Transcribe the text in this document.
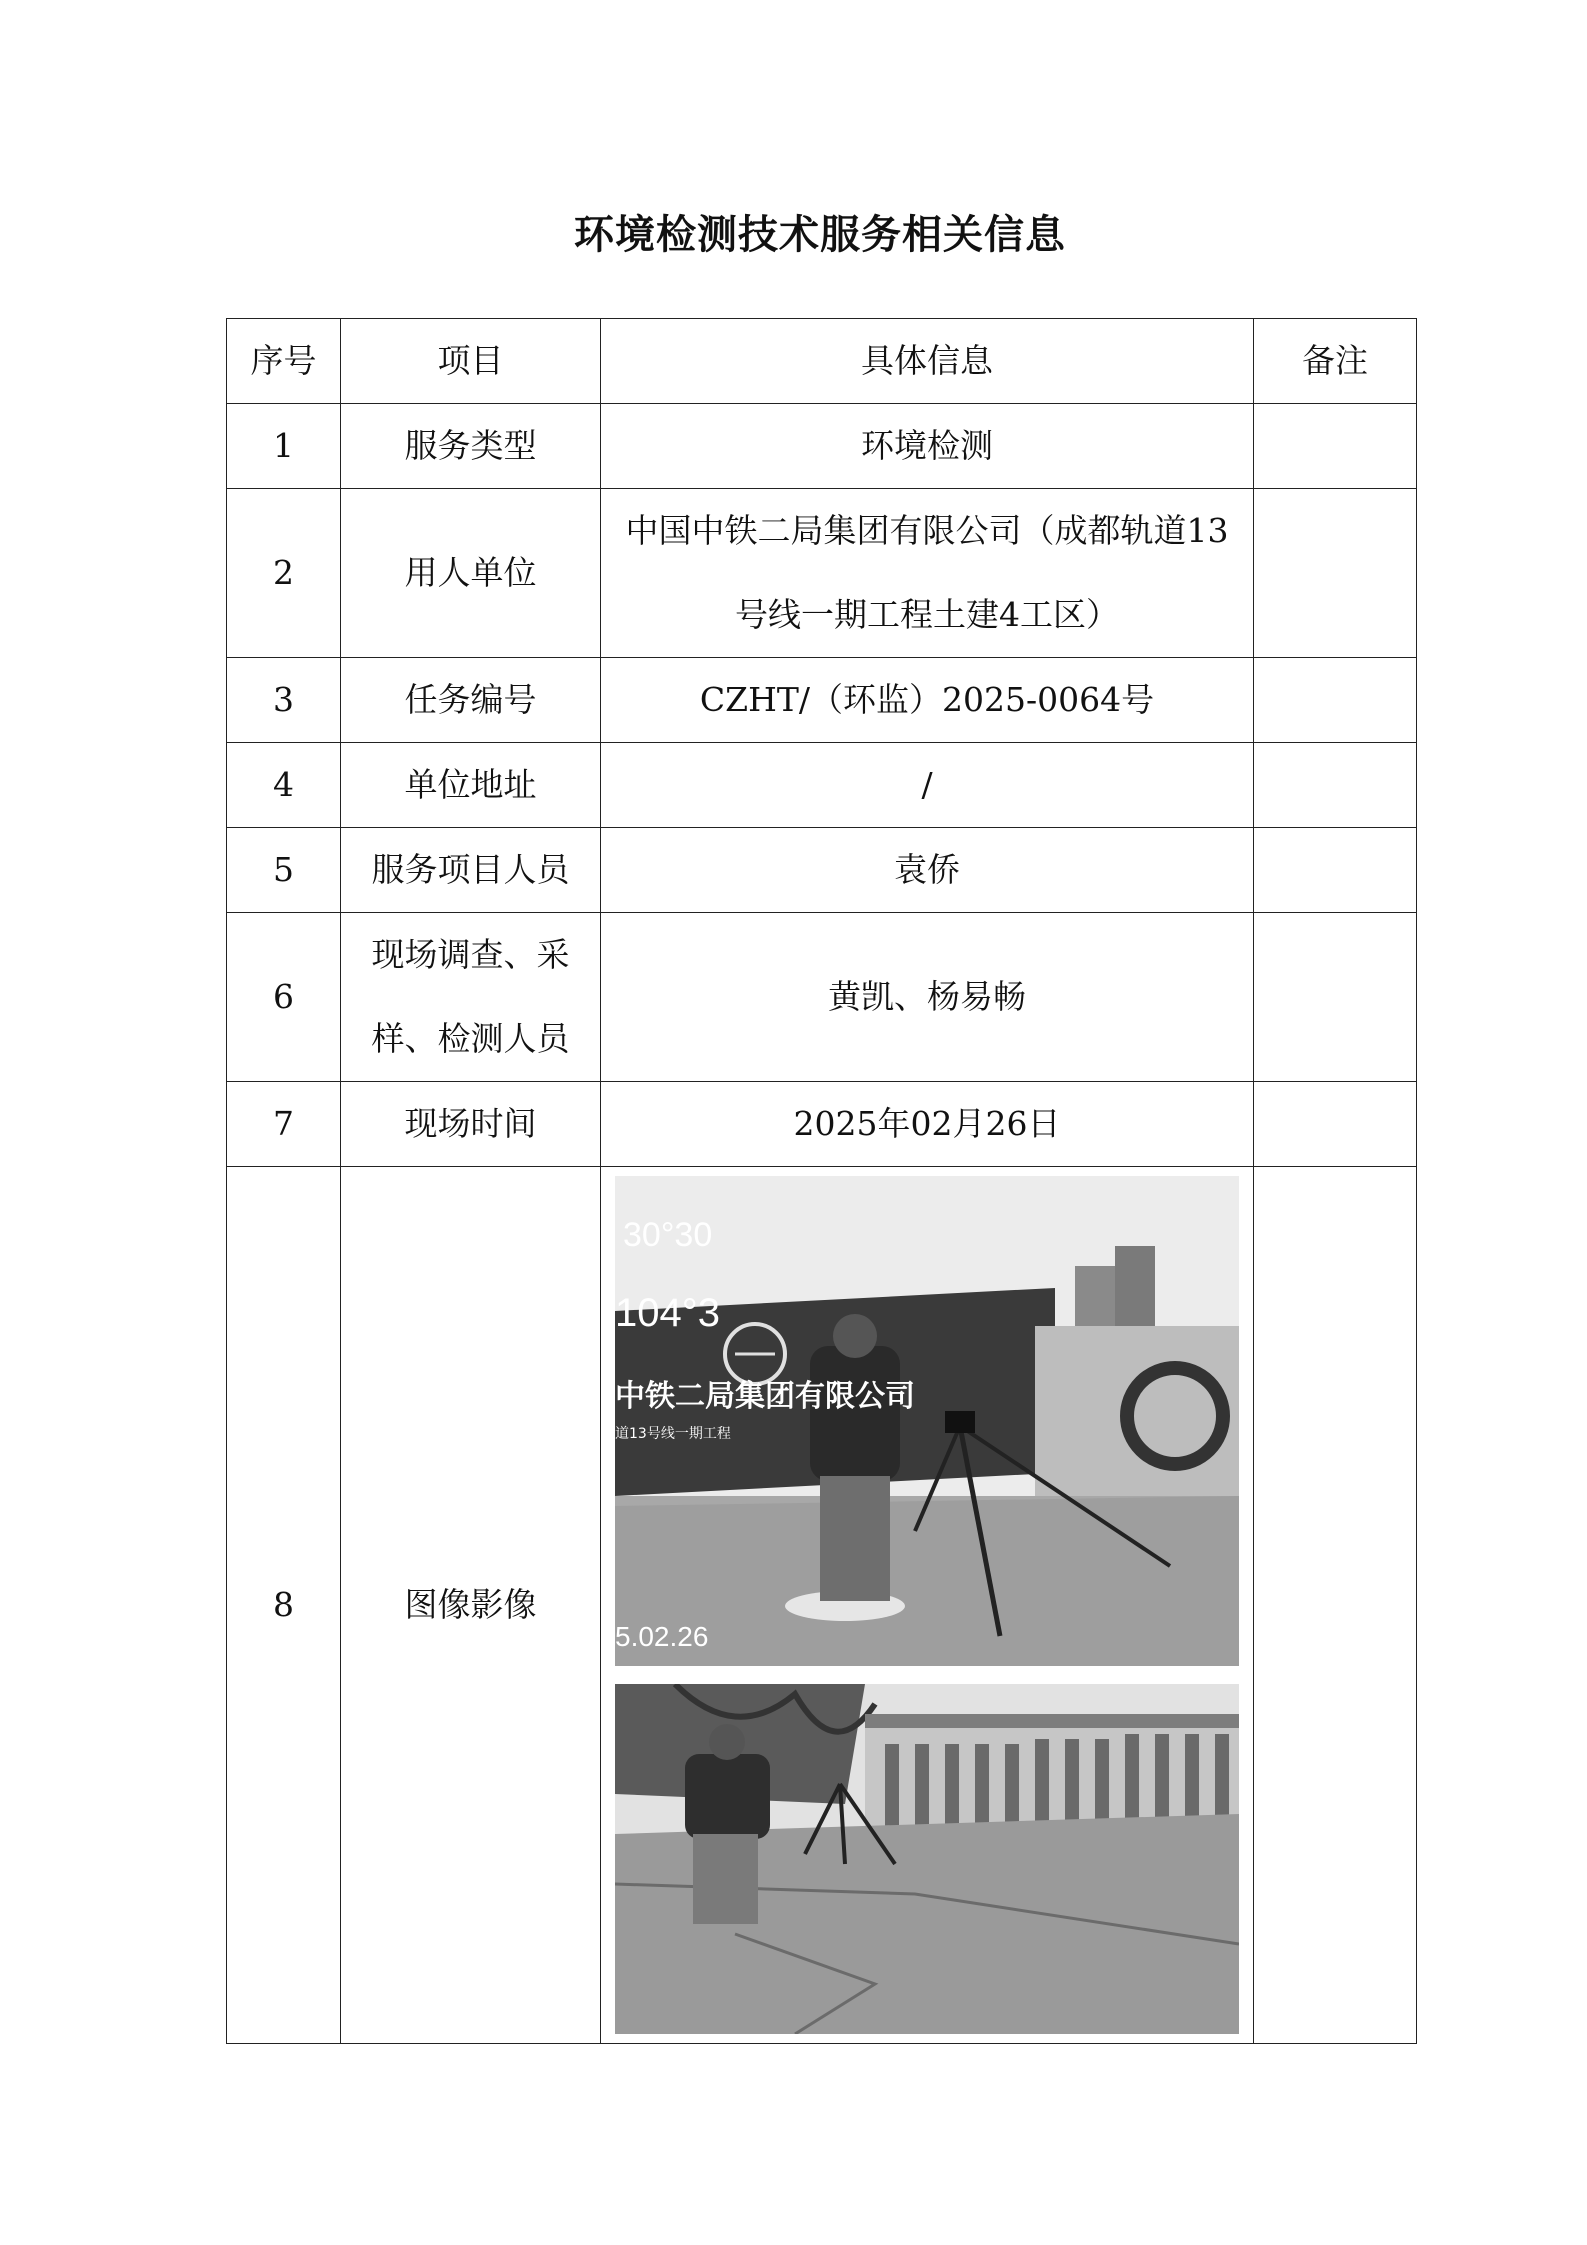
环境检测技术服务相关信息
序号	项目	具体信息	备注
1	服务类型	环境检测	
2	用人单位	中国中铁二局集团有限公司（成都轨道13号线一期工程土建4工区）	
3	任务编号	CZHT/（环监）2025-0064号	
4	单位地址	/	
5	服务项目人员	袁侨	
6	现场调查、采样、检测人员	黄凯、杨易畅	
7	现场时间	2025年02月26日	
8	图像影像	30°30
104°3
中铁二局集团有限公司
道13号线一期工程
5.02.26	
